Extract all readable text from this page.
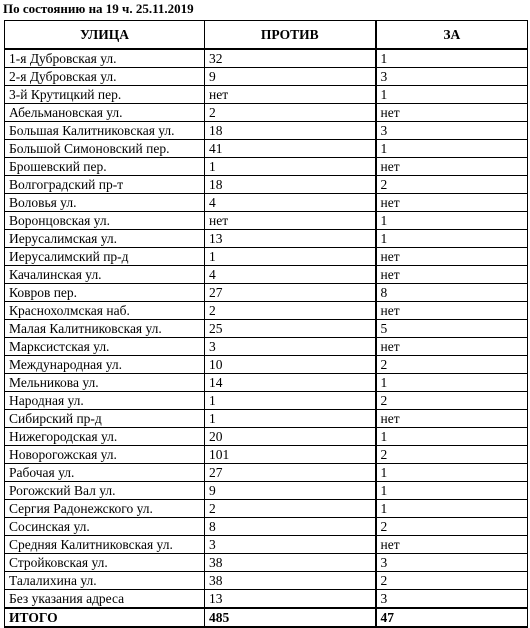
По состоянию на 19 ч. 25.11.2019
УЛИЦА	ПРОТИВ	ЗА
1-я Дубровская ул.	32	1
2-я Дубровская ул.	9	3
3-й Крутицкий пер.	нет	1
Абельмановская ул.	2	нет
Большая Калитниковская ул.	18	3
Большой Симоновский пер.	41	1
Брошевский пер.	1	нет
Волгоградский пр-т	18	2
Воловья ул.	4	нет
Воронцовская ул.	нет	1
Иерусалимская ул.	13	1
Иерусалимский пр-д	1	нет
Качалинская ул.	4	нет
Ковров пер.	27	8
Краснохолмская наб.	2	нет
Малая Калитниковская ул.	25	5
Марксистская ул.	3	нет
Международная ул.	10	2
Мельникова ул.	14	1
Народная ул.	1	2
Сибирский пр-д	1	нет
Нижегородская ул.	20	1
Новорогожская ул.	101	2
Рабочая ул.	27	1
Рогожский Вал ул.	9	1
Сергия Радонежского ул.	2	1
Сосинская ул.	8	2
Средняя Калитниковская ул.	3	нет
Стройковская ул.	38	3
Талалихина ул.	38	2
Без указания адреса	13	3
ИТОГО	485	47
